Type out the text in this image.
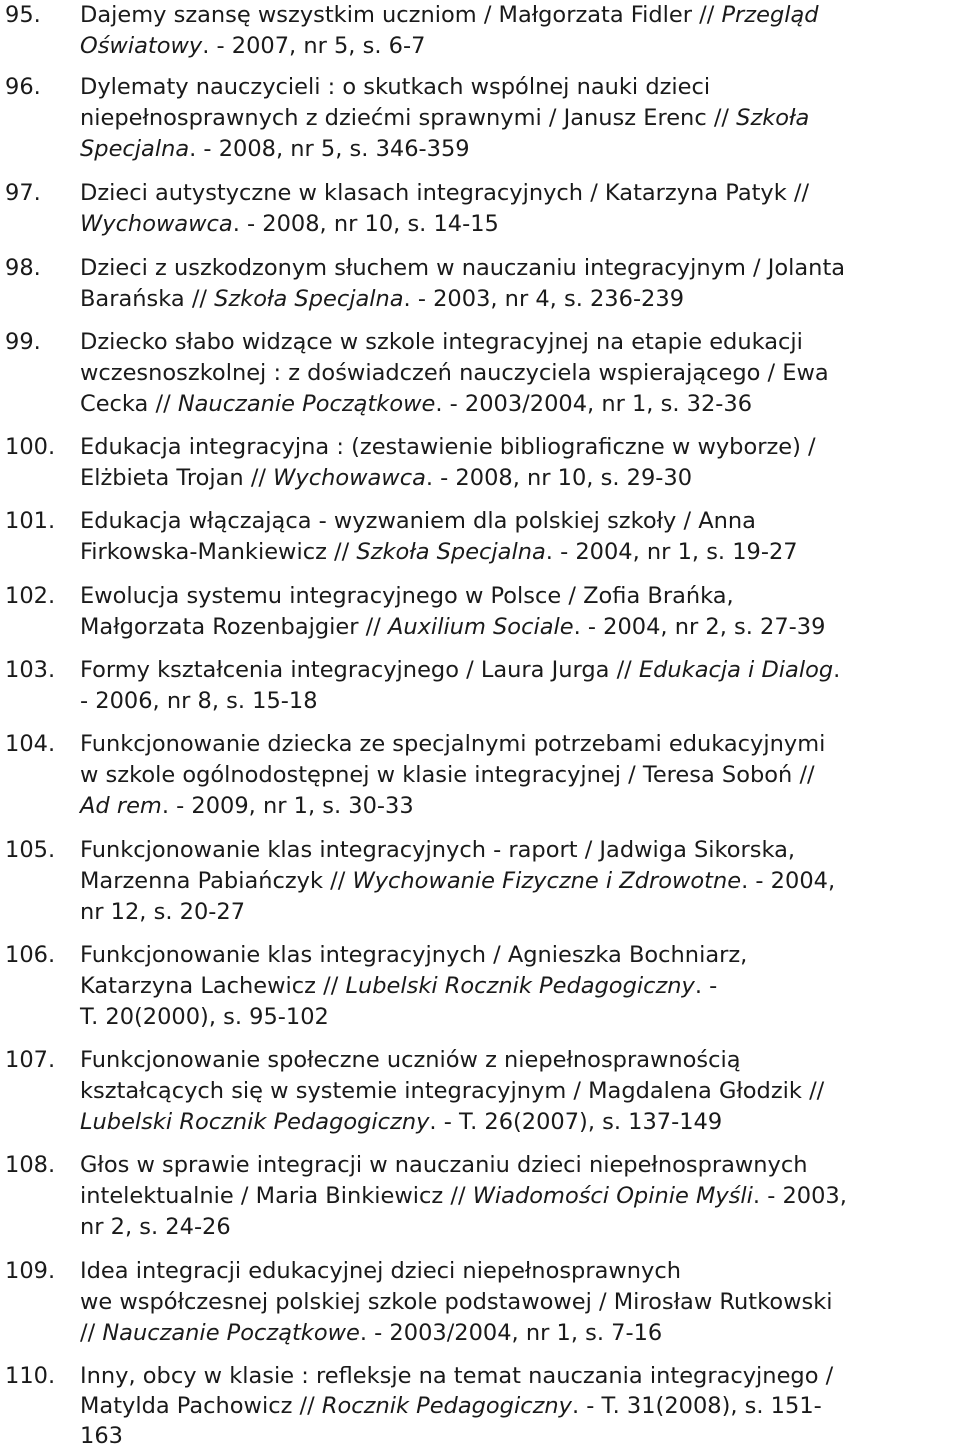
95. Dajemy szansę wszystkim uczniom / Małgorzata Fidler // Przegląd
Oświatowy. - 2007, nr 5, s. 6-7
96. Dylematy nauczycieli : o skutkach wspólnej nauki dzieci
niepełnosprawnych z dziećmi sprawnymi / Janusz Erenc // Szkoła
Specjalna. - 2008, nr 5, s. 346-359
97. Dzieci autystyczne w klasach integracyjnych / Katarzyna Patyk //
Wychowawca. - 2008, nr 10, s. 14-15
98. Dzieci z uszkodzonym słuchem w nauczaniu integracyjnym / Jolanta
Barańska // Szkoła Specjalna. - 2003, nr 4, s. 236-239
99. Dziecko słabo widzące w szkole integracyjnej na etapie edukacji
wczesnoszkolnej : z doświadczeń nauczyciela wspierającego / Ewa
Cecka // Nauczanie Początkowe. - 2003/2004, nr 1, s. 32-36
100. Edukacja integracyjna : (zestawienie bibliograficzne w wyborze) /
Elżbieta Trojan // Wychowawca. - 2008, nr 10, s. 29-30
101. Edukacja włączająca - wyzwaniem dla polskiej szkoły / Anna
Firkowska-Mankiewicz // Szkoła Specjalna. - 2004, nr 1, s. 19-27
102. Ewolucja systemu integracyjnego w Polsce / Zofia Brańka,
Małgorzata Rozenbajgier // Auxilium Sociale. - 2004, nr 2, s. 27-39
103. Formy kształcenia integracyjnego / Laura Jurga // Edukacja i Dialog.
- 2006, nr 8, s. 15-18
104. Funkcjonowanie dziecka ze specjalnymi potrzebami edukacyjnymi
w szkole ogólnodostępnej w klasie integracyjnej / Teresa Soboń //
Ad rem. - 2009, nr 1, s. 30-33
105. Funkcjonowanie klas integracyjnych - raport / Jadwiga Sikorska,
Marzenna Pabiańczyk // Wychowanie Fizyczne i Zdrowotne. - 2004,
nr 12, s. 20-27
106. Funkcjonowanie klas integracyjnych / Agnieszka Bochniarz,
Katarzyna Lachewicz // Lubelski Rocznik Pedagogiczny. -
T. 20(2000), s. 95-102
107. Funkcjonowanie społeczne uczniów z niepełnosprawnością
kształcących się w systemie integracyjnym / Magdalena Głodzik //
Lubelski Rocznik Pedagogiczny. - T. 26(2007), s. 137-149
108. Głos w sprawie integracji w nauczaniu dzieci niepełnosprawnych
intelektualnie / Maria Binkiewicz // Wiadomości Opinie Myśli. - 2003,
nr 2, s. 24-26
109. Idea integracji edukacyjnej dzieci niepełnosprawnych
we współczesnej polskiej szkole podstawowej / Mirosław Rutkowski
// Nauczanie Początkowe. - 2003/2004, nr 1, s. 7-16
110. Inny, obcy w klasie : refleksje na temat nauczania integracyjnego /
Matylda Pachowicz // Rocznik Pedagogiczny. - T. 31(2008), s. 151-
163
